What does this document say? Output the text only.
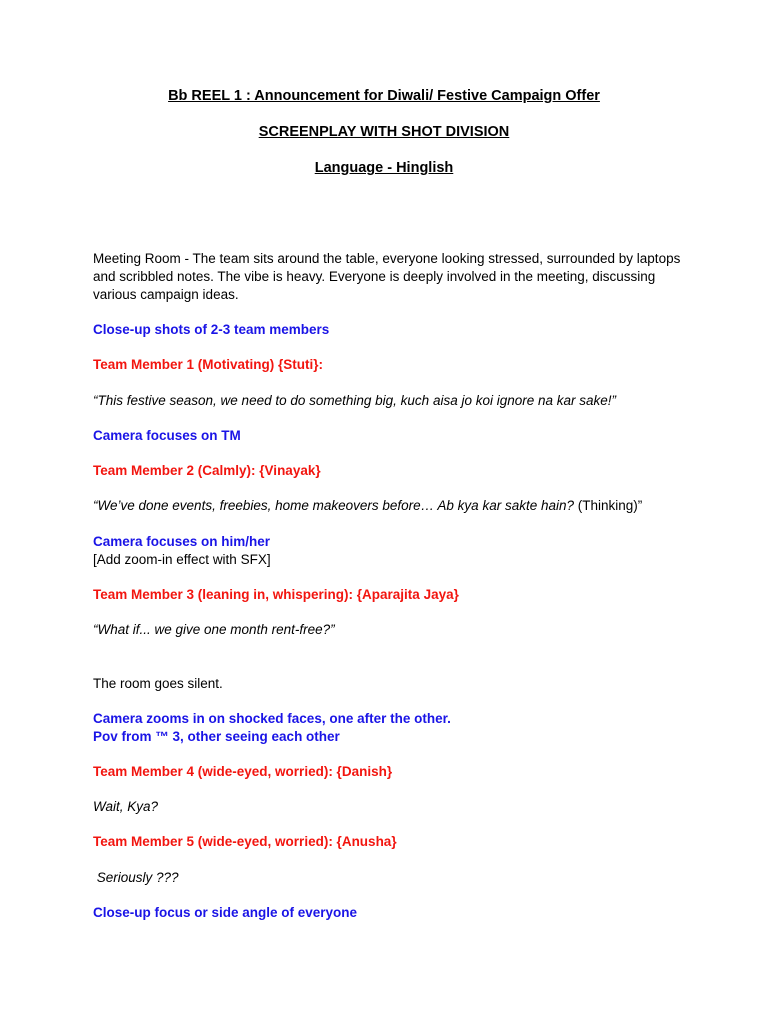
Bb REEL 1 : Announcement for Diwali/ Festive Campaign Offer
SCREENPLAY WITH SHOT DIVISION
Language - Hinglish
Meeting Room - The team sits around the table, everyone looking stressed, surrounded by laptops and scribbled notes. The vibe is heavy. Everyone is deeply involved in the meeting, discussing various campaign ideas.
Close-up shots of 2-3 team members
Team Member 1 (Motivating) {Stuti}:
“This festive season, we need to do something big, kuch aisa jo koi ignore na kar sake!”
Camera focuses on TM
Team Member 2 (Calmly): {Vinayak}
“We’ve done events, freebies, home makeovers before… Ab kya kar sakte hain? (Thinking)”
Camera focuses on him/her
[Add zoom-in effect with SFX]
Team Member 3 (leaning in, whispering): {Aparajita Jaya}
“What if... we give one month rent-free?”
The room goes silent.
Camera zooms in on shocked faces, one after the other.
Pov from ™ 3, other seeing each other
Team Member 4 (wide-eyed, worried): {Danish}
Wait, Kya?
Team Member 5 (wide-eyed, worried): {Anusha}
Seriously ???
Close-up focus or side angle of everyone
